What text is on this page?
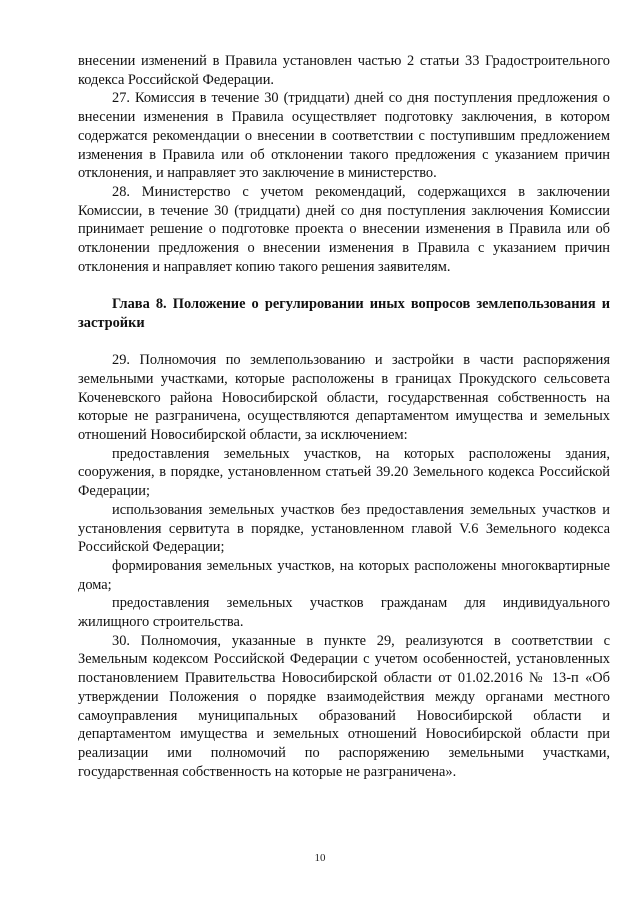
внесении изменений в Правила установлен частью 2 статьи 33 Градостроительного кодекса Российской Федерации.

27. Комиссия в течение 30 (тридцати) дней со дня поступления предложения о внесении изменения в Правила осуществляет подготовку заключения, в котором содержатся рекомендации о внесении в соответствии с поступившим предложением изменения в Правила или об отклонении такого предложения с указанием причин отклонения, и направляет это заключение в министерство.

28. Министерство с учетом рекомендаций, содержащихся в заключении Комиссии, в течение 30 (тридцати) дней со дня поступления заключения Комиссии принимает решение о подготовке проекта о внесении изменения в Правила или об отклонении предложения о внесении изменения в Правила с указанием причин отклонения и направляет копию такого решения заявителям.

Глава 8. Положение о регулировании иных вопросов землепользования и застройки

29. Полномочия по землепользованию и застройки в части распоряжения земельными участками, которые расположены в границах Прокудского сельсовета Коченевского района Новосибирской области, государственная собственность на которые не разграничена, осуществляются департаментом имущества и земельных отношений Новосибирской области, за исключением:

предоставления земельных участков, на которых расположены здания, сооружения, в порядке, установленном статьей 39.20 Земельного кодекса Российской Федерации;

использования земельных участков без предоставления земельных участков и установления сервитута в порядке, установленном главой V.6 Земельного кодекса Российской Федерации;

формирования земельных участков, на которых расположены многоквартирные дома;

предоставления земельных участков гражданам для индивидуального жилищного строительства.

30. Полномочия, указанные в пункте 29, реализуются в соответствии с Земельным кодексом Российской Федерации с учетом особенностей, установленных постановлением Правительства Новосибирской области от 01.02.2016 № 13-п «Об утверждении Положения о порядке взаимодействия между органами местного самоуправления муниципальных образований Новосибирской области и департаментом имущества и земельных отношений Новосибирской области при реализации ими полномочий по распоряжению земельными участками, государственная собственность на которые не разграничена».

10
